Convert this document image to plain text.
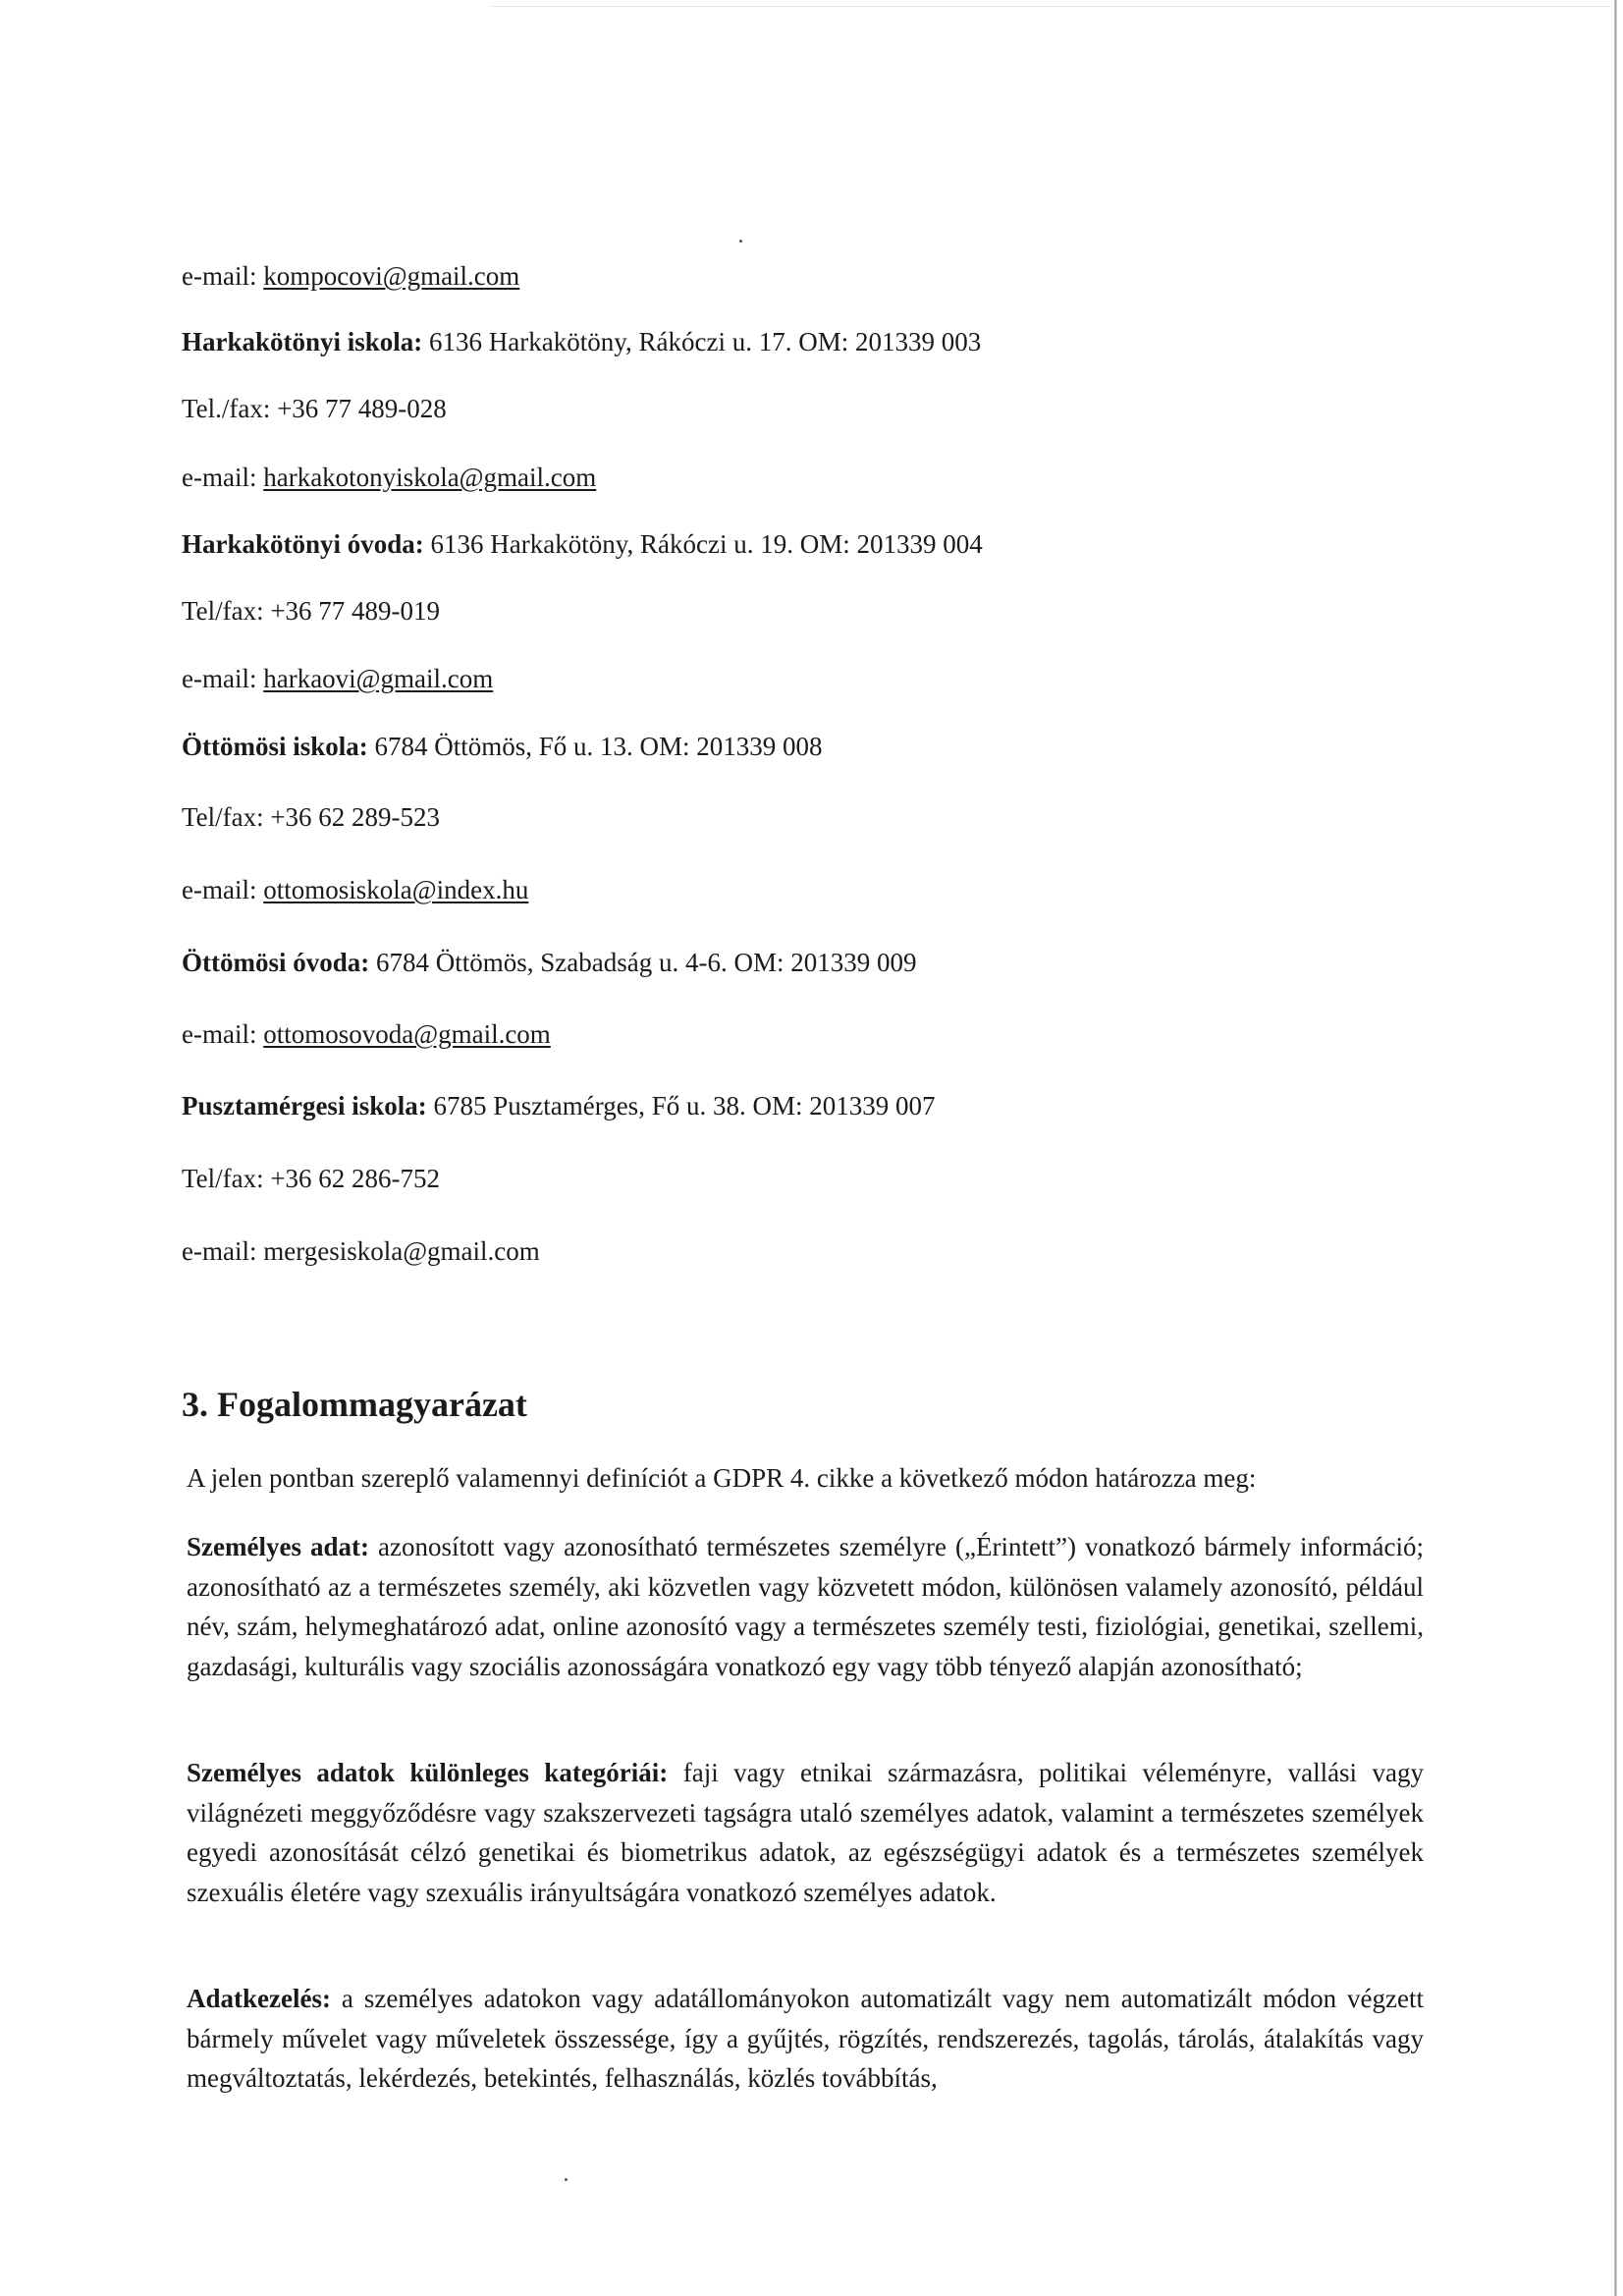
e-mail: kompocovi@gmail.com
Harkakötönyi iskola: 6136 Harkakötöny, Rákóczi u. 17. OM: 201339 003
Tel./fax: +36 77 489-028
e-mail: harkakotonyiskola@gmail.com
Harkakötönyi óvoda: 6136 Harkakötöny, Rákóczi u. 19. OM: 201339 004
Tel/fax: +36 77 489-019
e-mail: harkaovi@gmail.com
Öttömösi iskola: 6784 Öttömös, Fő u. 13. OM: 201339 008
Tel/fax: +36 62 289-523
e-mail: ottomosiskola@index.hu
Öttömösi óvoda: 6784 Öttömös, Szabadság u. 4-6. OM: 201339 009
e-mail: ottomosovoda@gmail.com
Pusztamérgesi iskola: 6785 Pusztamérges, Fő u. 38. OM: 201339 007
Tel/fax: +36 62 286-752
e-mail: mergesiskola@gmail.com
3. Fogalommagyarázat

A jelen pontban szereplő valamennyi definíciót a GDPR 4. cikke a következő módon határozza meg:

Személyes adat: azonosított vagy azonosítható természetes személyre („Érintett”) vonatkozó bármely információ; azonosítható az a természetes személy, aki közvetlen vagy közvetett módon, különösen valamely azonosító, például név, szám, helymeghatározó adat, online azonosító vagy a természetes személy testi, fiziológiai, genetikai, szellemi, gazdasági, kulturális vagy szociális azonosságára vonatkozó egy vagy több tényező alapján azonosítható;

Személyes adatok különleges kategóriái: faji vagy etnikai származásra, politikai véleményre, vallási vagy világnézeti meggyőződésre vagy szakszervezeti tagságra utaló személyes adatok, valamint a természetes személyek egyedi azonosítását célzó genetikai és biometrikus adatok, az egészségügyi adatok és a természetes személyek szexuális életére vagy szexuális irányultságára vonatkozó személyes adatok.

Adatkezelés: a személyes adatokon vagy adatállományokon automatizált vagy nem automatizált módon végzett bármely művelet vagy műveletek összessége, így a gyűjtés, rögzítés, rendszerezés, tagolás, tárolás, átalakítás vagy megváltoztatás, lekérdezés, betekintés, felhasználás, közlés továbbítás,
